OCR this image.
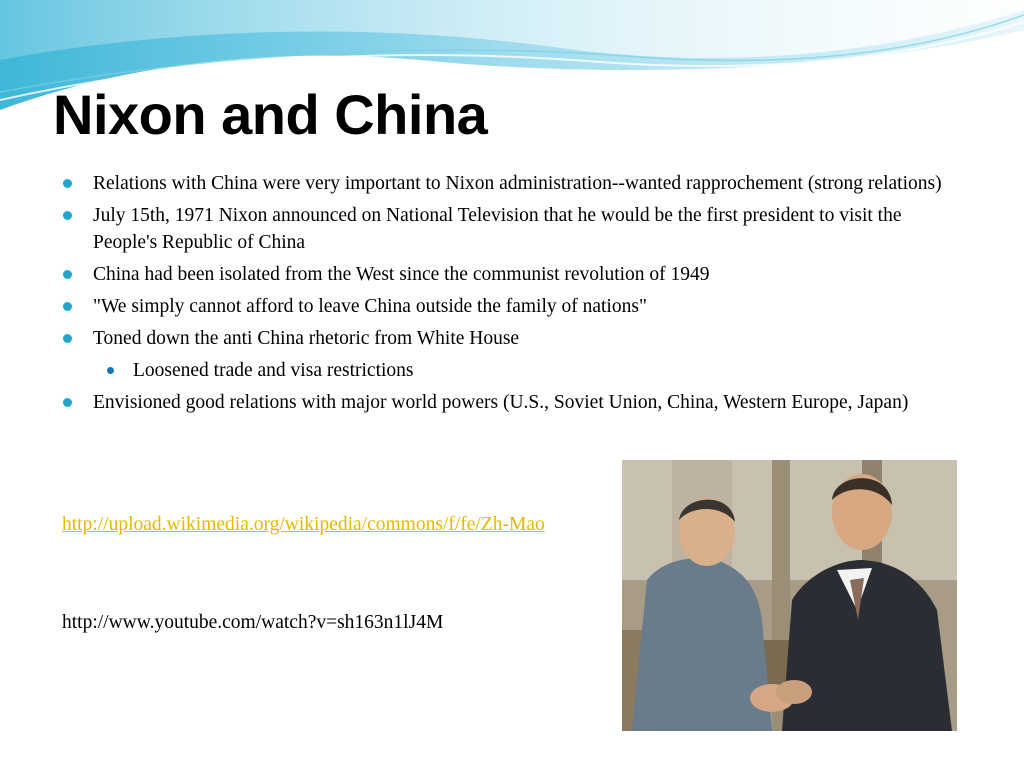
Nixon and China
Relations with China were very important to Nixon administration--wanted rapprochement (strong relations)
July 15th, 1971 Nixon announced on National Television that he would be the first president to visit the People's Republic of China
China had been isolated from the West since the communist revolution of 1949
"We simply cannot afford to leave China outside the family of nations"
Toned down the anti China rhetoric from White House
Loosened trade and visa restrictions
Envisioned good relations with major world powers (U.S., Soviet Union, China, Western Europe, Japan)
http://upload.wikimedia.org/wikipedia/commons/f/fe/Zh-Mao
http://www.youtube.com/watch?v=sh163n1lJ4M
